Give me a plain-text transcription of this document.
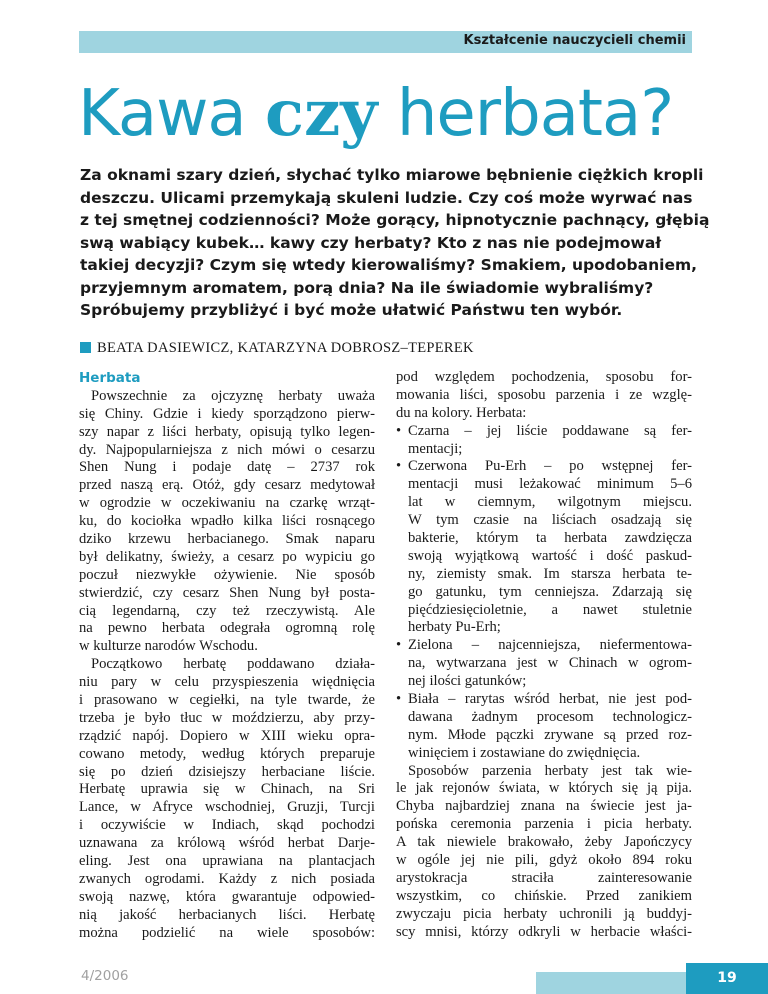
Kształcenie nauczycieli chemii
Kawa czy herbata?
Za oknami szary dzień, słychać tylko miarowe bębnienie ciężkich kropli
deszczu. Ulicami przemykają skuleni ludzie. Czy coś może wyrwać nas
z tej smętnej codzienności? Może gorący, hipnotycznie pachnący, głębią
swą wabiący kubek… kawy czy herbaty? Kto z nas nie podejmował
takiej decyzji? Czym się wtedy kierowaliśmy? Smakiem, upodobaniem,
przyjemnym aromatem, porą dnia? Na ile świadomie wybraliśmy?
Spróbujemy przybliżyć i być może ułatwić Państwu ten wybór.
BEATA DASIEWICZ, KATARZYNA DOBROSZ–TEPEREK
Herbata
Powszechnie za ojczyznę herbaty uważa
się Chiny. Gdzie i kiedy sporządzono pierw-
szy napar z liści herbaty, opisują tylko legen-
dy. Najpopularniejsza z nich mówi o cesarzu
Shen Nung i podaje datę – 2737 rok
przed naszą erą. Otóż, gdy cesarz medytował
w ogrodzie w oczekiwaniu na czarkę wrząt-
ku, do kociołka wpadło kilka liści rosnącego
dziko krzewu herbacianego. Smak naparu
był delikatny, świeży, a cesarz po wypiciu go
poczuł niezwykłe ożywienie. Nie sposób
stwierdzić, czy cesarz Shen Nung był posta-
cią legendarną, czy też rzeczywistą. Ale
na pewno herbata odegrała ogromną rolę
w kulturze narodów Wschodu.
Początkowo herbatę poddawano działa-
niu pary w celu przyspieszenia więdnięcia
i prasowano w cegiełki, na tyle twarde, że
trzeba je było tłuc w moździerzu, aby przy-
rządzić napój. Dopiero w XIII wieku opra-
cowano metody, według których preparuje
się po dzień dzisiejszy herbaciane liście.
Herbatę uprawia się w Chinach, na Sri
Lance, w Afryce wschodniej, Gruzji, Turcji
i oczywiście w Indiach, skąd pochodzi
uznawana za królową wśród herbat Darje-
eling. Jest ona uprawiana na plantacjach
zwanych ogrodami. Każdy z nich posiada
swoją nazwę, która gwarantuje odpowied-
nią jakość herbacianych liści. Herbatę
można podzielić na wiele sposobów:
pod względem pochodzenia, sposobu for-
mowania liści, sposobu parzenia i ze wzglę-
du na kolory. Herbata:
• Czarna – jej liście poddawane są fer-
mentacji;
• Czerwona Pu-Erh – po wstępnej fer-
mentacji musi leżakować minimum 5–6
lat w ciemnym, wilgotnym miejscu.
W tym czasie na liściach osadzają się
bakterie, którym ta herbata zawdzięcza
swoją wyjątkową wartość i dość paskud-
ny, ziemisty smak. Im starsza herbata te-
go gatunku, tym cenniejsza. Zdarzają się
pięćdziesięcioletnie, a nawet stuletnie
herbaty Pu-Erh;
• Zielona – najcenniejsza, niefermentowa-
na, wytwarzana jest w Chinach w ogrom-
nej ilości gatunków;
• Biała – rarytas wśród herbat, nie jest pod-
dawana żadnym procesom technologicz-
nym. Młode pączki zrywane są przed roz-
winięciem i zostawiane do zwiędnięcia.
Sposobów parzenia herbaty jest tak wie-
le jak rejonów świata, w których się ją pija.
Chyba najbardziej znana na świecie jest ja-
pońska ceremonia parzenia i picia herbaty.
A tak niewiele brakowało, żeby Japończycy
w ogóle jej nie pili, gdyż około 894 roku
arystokracja straciła zainteresowanie
wszystkim, co chińskie. Przed zanikiem
zwyczaju picia herbaty uchronili ją buddyj-
scy mnisi, którzy odkryli w herbacie właści-
4/2006	19
